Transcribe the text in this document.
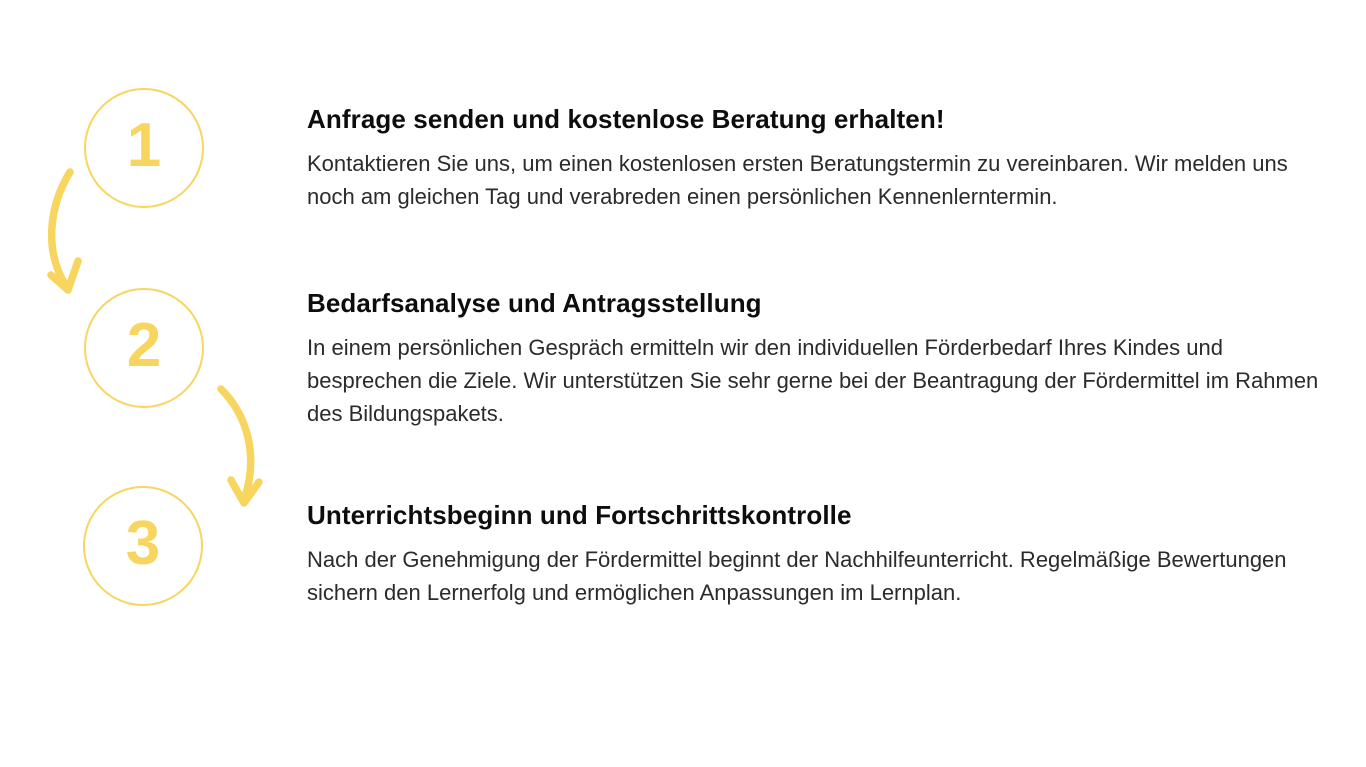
1
2
3
Anfrage senden und kostenlose Beratung erhalten!
Kontaktieren Sie uns, um einen kostenlosen ersten Beratungstermin zu vereinbaren. Wir melden uns noch am gleichen Tag und verabreden einen persönlichen Kennenlerntermin.
Bedarfsanalyse und Antragsstellung
In einem persönlichen Gespräch ermitteln wir den individuellen Förderbedarf Ihres Kindes und besprechen die Ziele. Wir unterstützen Sie sehr gerne bei der Beantragung der Fördermittel im Rahmen des Bildungspakets.
Unterrichtsbeginn und Fortschrittskontrolle
Nach der Genehmigung der Fördermittel beginnt der Nachhilfeunterricht. Regelmäßige Bewertungen sichern den Lernerfolg und ermöglichen Anpassungen im Lernplan.
